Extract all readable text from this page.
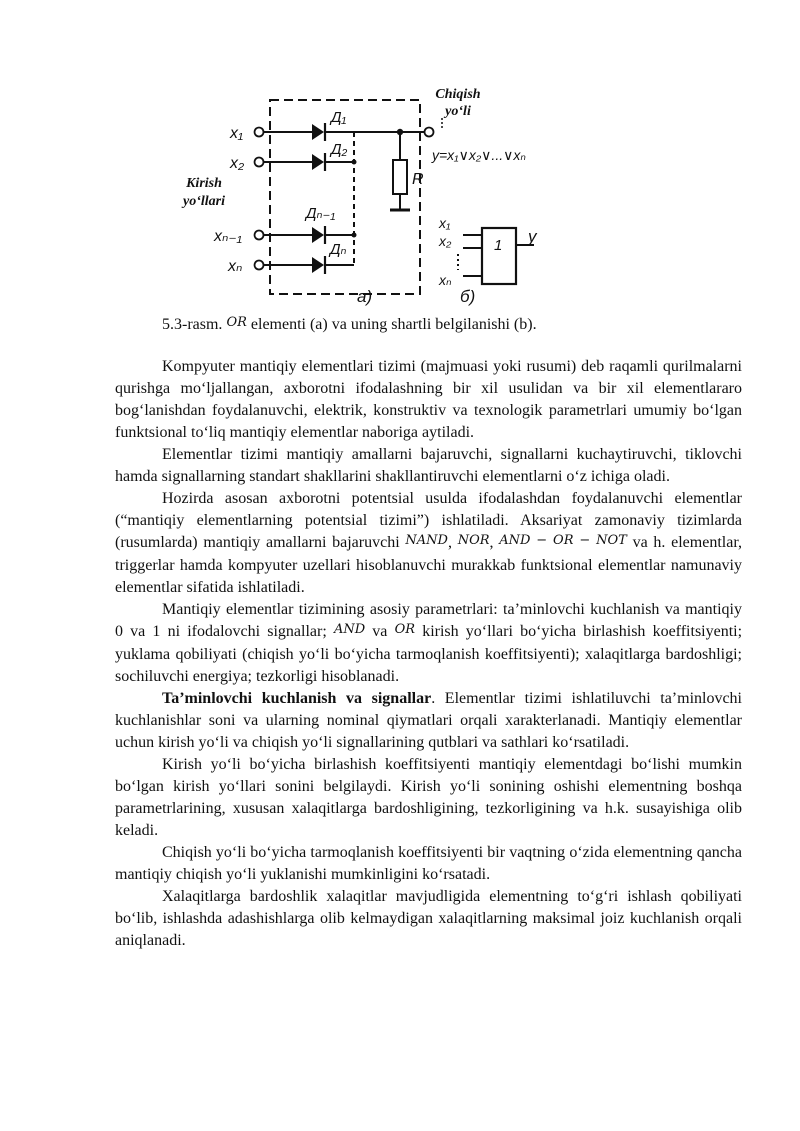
Chiqish
yo‘li
Kirish
yo‘llari
x₁
x₂
xₙ₋₁
xₙ
Д₁
Д₂
Дₙ₋₁
Дₙ
R
y=x₁∨x₂∨...∨xₙ
1 y
x₁
x₂
xₙ
a)	б)
5.3-rasm. OR elementi (a) va uning shartli belgilanishi (b).

Kompyuter mantiqiy elementlari tizimi (majmuasi yoki rusumi) deb raqamli qurilmalarni qurishga mo‘ljallangan, axborotni ifodalashning bir xil usulidan va bir xil elementlararo bog‘lanishdan foydalanuvchi, elektrik, konstruktiv va texnologik parametrlari umumiy bo‘lgan funktsional to‘liq mantiqiy elementlar naboriga aytiladi.

Elementlar tizimi mantiqiy amallarni bajaruvchi, signallarni kuchaytiruvchi, tiklovchi hamda signallarning standart shakllarini shakllantiruvchi elementlarni o‘z ichiga oladi.

Hozirda asosan axborotni potentsial usulda ifodalashdan foydalanuvchi elementlar (“mantiqiy elementlarning potentsial tizimi”) ishlatiladi. Aksariyat zamonaviy tizimlarda (rusumlarda) mantiqiy amallarni bajaruvchi NAND, NOR, AND − OR − NOT va h. elementlar, triggerlar hamda kompyuter uzellari hisoblanuvchi murakkab funktsional elementlar namunaviy elementlar sifatida ishlatiladi.

Mantiqiy elementlar tizimining asosiy parametrlari: ta’minlovchi kuchlanish va mantiqiy 0 va 1 ni ifodalovchi signallar; AND va OR kirish yo‘llari bo‘yicha birlashish koeffitsiyenti; yuklama qobiliyati (chiqish yo‘li bo‘yicha tarmoqlanish koeffitsiyenti); xalaqitlarga bardoshligi; sochiluvchi energiya; tezkorligi hisoblanadi.

Ta’minlovchi kuchlanish va signallar. Elementlar tizimi ishlatiluvchi ta’minlovchi kuchlanishlar soni va ularning nominal qiymatlari orqali xarakterlanadi. Mantiqiy elementlar uchun kirish yo‘li va chiqish yo‘li signallarining qutblari va sathlari ko‘rsatiladi.

Kirish yo‘li bo‘yicha birlashish koeffitsiyenti mantiqiy elementdagi bo‘lishi mumkin bo‘lgan kirish yo‘llari sonini belgilaydi. Kirish yo‘li sonining oshishi elementning boshqa parametrlarining, xususan xalaqitlarga bardoshligining, tezkorligining va h.k. susayishiga olib keladi.

Chiqish yo‘li bo‘yicha tarmoqlanish koeffitsiyenti bir vaqtning o‘zida elementning qancha mantiqiy chiqish yo‘li yuklanishi mumkinligini ko‘rsatadi.

Xalaqitlarga bardoshlik xalaqitlar mavjudligida elementning to‘g‘ri ishlash qobiliyati bo‘lib, ishlashda adashishlarga olib kelmaydigan xalaqitlarning maksimal joiz kuchlanish orqali aniqlanadi.
